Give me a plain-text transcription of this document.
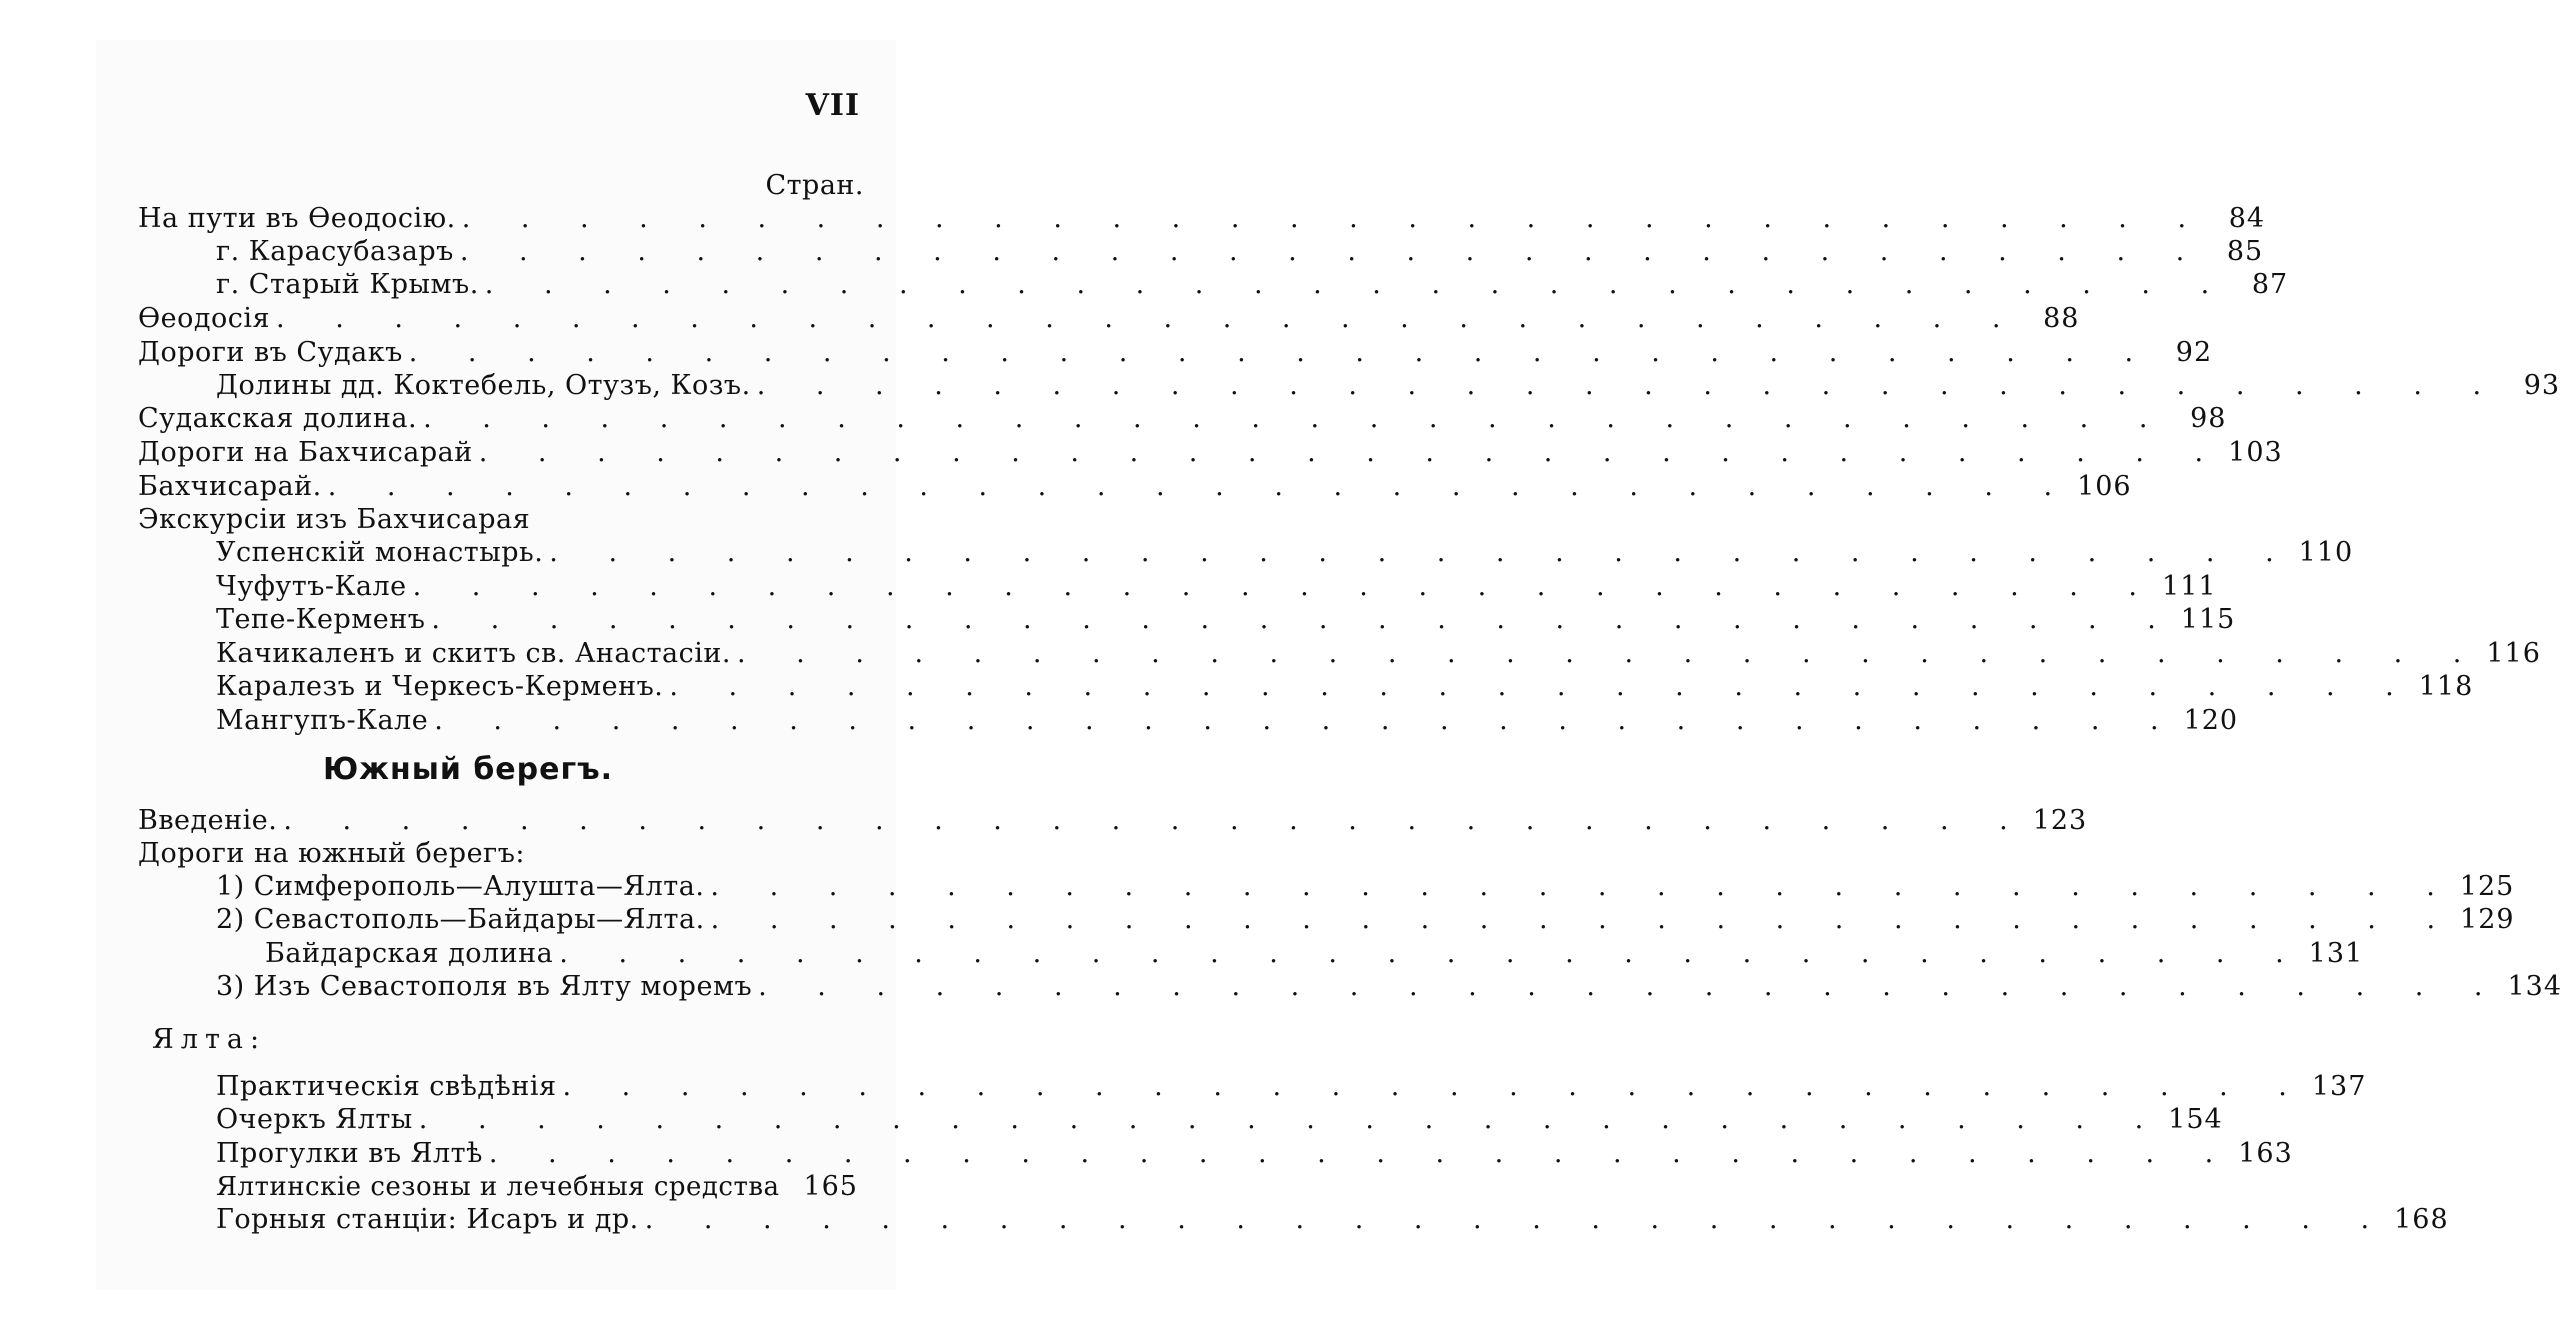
VII
Стран.
На пути въ Өеодосію. . . . . . . . . . . . . . . . . . . . . . . . . . . . . . . 84
г. Карасубазаръ . . . . . . . . . . . . . . . . . . . . . . . . . . . . . . 85
г. Старый Крымъ. . . . . . . . . . . . . . . . . . . . . . . . . . . . . . . 87
Өеодосія . . . . . . . . . . . . . . . . . . . . . . . . . . . . . . 88
Дороги въ Судакъ . . . . . . . . . . . . . . . . . . . . . . . . . . . . . . 92
Долины дд. Коктебель, Отузъ, Козъ. . . . . . . . . . . . . . . . . . . . . . . . . . . . . . . 93
Судакская долина. . . . . . . . . . . . . . . . . . . . . . . . . . . . . . . 98
Дороги на Бахчисарай . . . . . . . . . . . . . . . . . . . . . . . . . . . . . . 103
Бахчисарай. . . . . . . . . . . . . . . . . . . . . . . . . . . . . . . 106
Экскурсіи изъ Бахчисарая
Успенскій монастырь. . . . . . . . . . . . . . . . . . . . . . . . . . . . . . . 110
Чуфутъ-Кале . . . . . . . . . . . . . . . . . . . . . . . . . . . . . . 111
Тепе-Керменъ . . . . . . . . . . . . . . . . . . . . . . . . . . . . . . 115
Качикаленъ и скитъ св. Анастасіи. . . . . . . . . . . . . . . . . . . . . . . . . . . . . . . 116
Каралезъ и Черкесъ-Керменъ. . . . . . . . . . . . . . . . . . . . . . . . . . . . . . . 118
Мангупъ-Кале . . . . . . . . . . . . . . . . . . . . . . . . . . . . . . 120
Южный берегъ.
Введеніе. . . . . . . . . . . . . . . . . . . . . . . . . . . . . . . 123
Дороги на южный берегъ:
1) Симферополь—Алушта—Ялта. . . . . . . . . . . . . . . . . . . . . . . . . . . . . . . 125
2) Севастополь—Байдары—Ялта. . . . . . . . . . . . . . . . . . . . . . . . . . . . . . . 129
Байдарская долина . . . . . . . . . . . . . . . . . . . . . . . . . . . . . . 131
3) Изъ Севастополя въ Ялту моремъ . . . . . . . . . . . . . . . . . . . . . . . . . . . . . . 134
Ялта:
Практическія свѣдѣнія . . . . . . . . . . . . . . . . . . . . . . . . . . . . . . 137
Очеркъ Ялты . . . . . . . . . . . . . . . . . . . . . . . . . . . . . . 154
Прогулки въ Ялтѣ . . . . . . . . . . . . . . . . . . . . . . . . . . . . . . 163
Ялтинскіе сезоны и лечебныя средства 165
Горныя станціи: Исаръ и др. . . . . . . . . . . . . . . . . . . . . . . . . . . . . . . 168
